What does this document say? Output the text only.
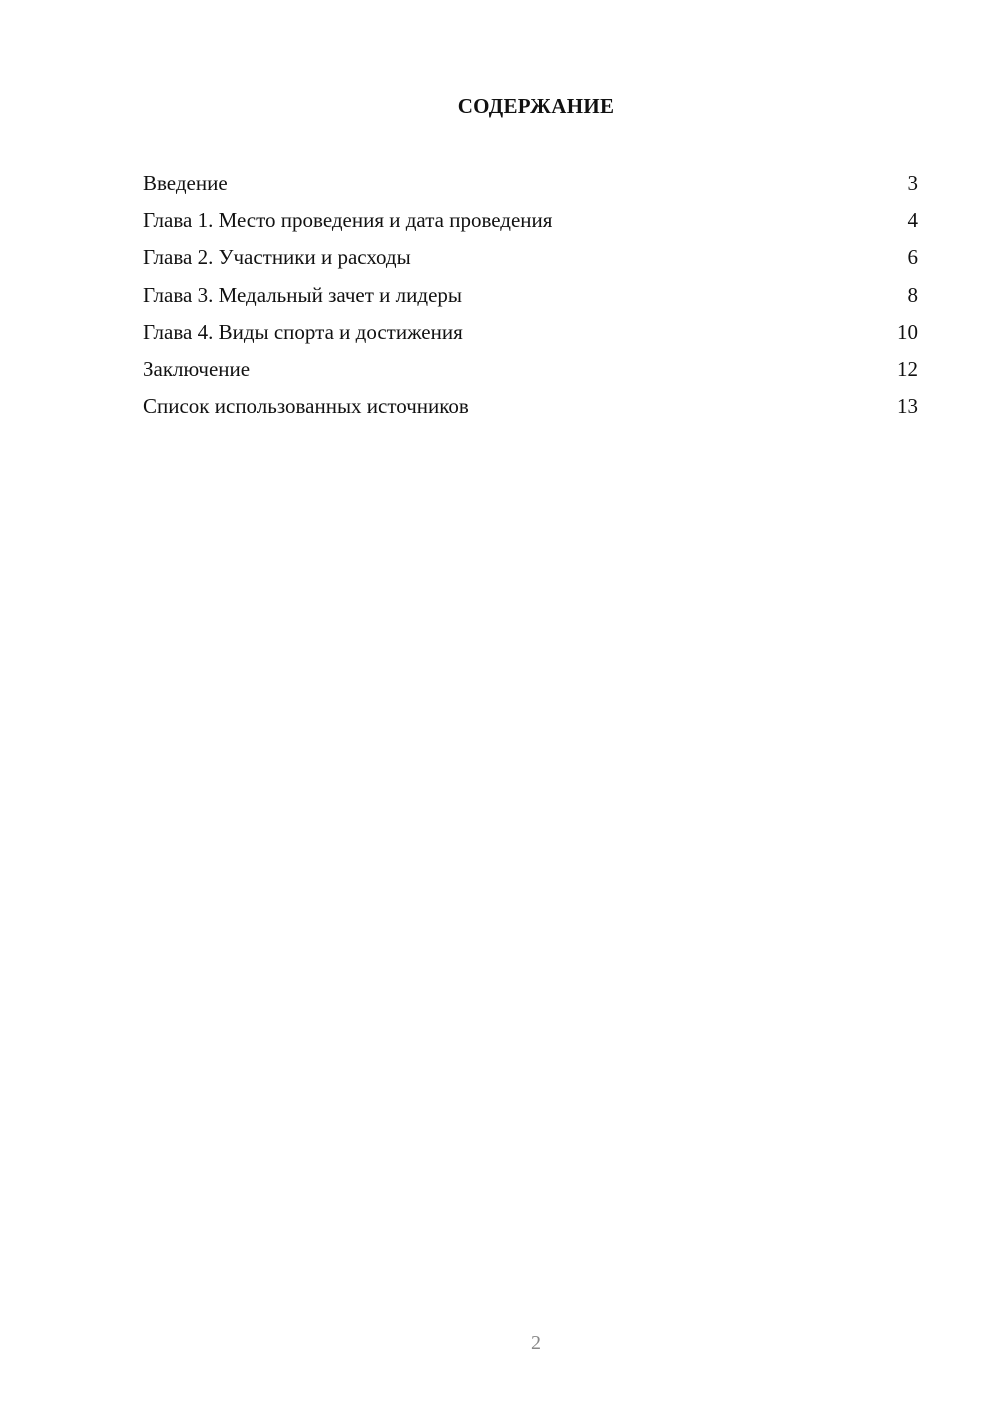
СОДЕРЖАНИЕ
Введение	3
Глава 1. Место проведения и дата проведения	4
Глава 2. Участники и расходы	6
Глава 3. Медальный зачет и лидеры	8
Глава 4. Виды спорта и достижения	10
Заключение	12
Список использованных источников	13
2
